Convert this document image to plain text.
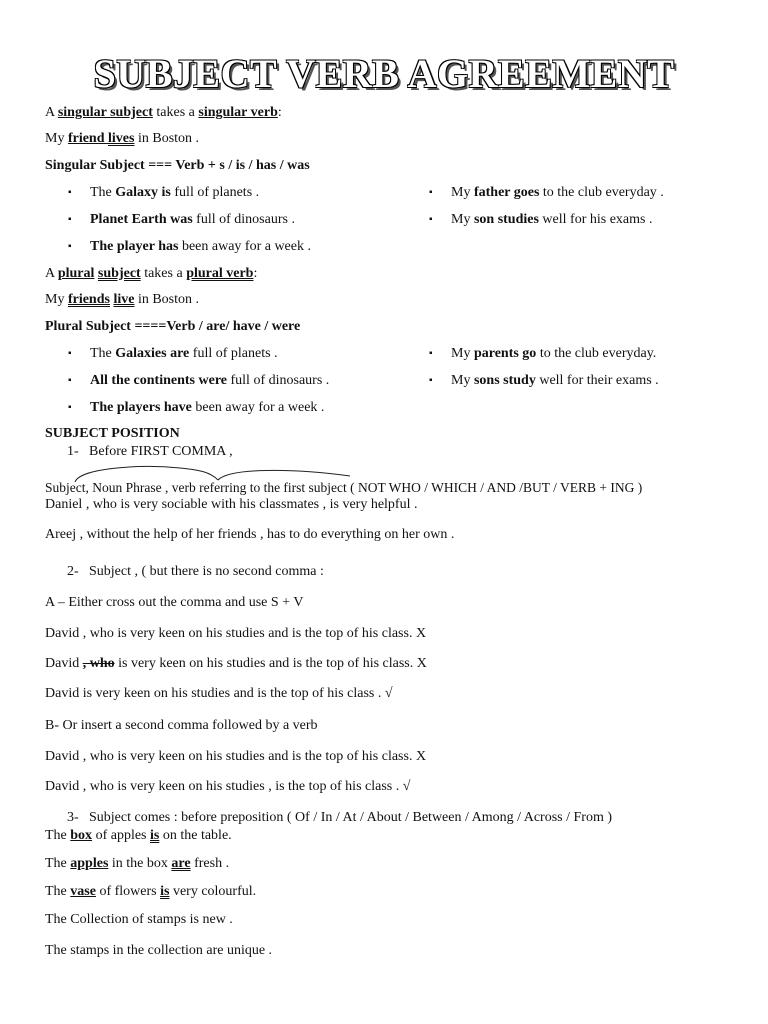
SUBJECT VERB AGREEMENT
A singular subject takes a singular verb:
My friend lives in Boston .
Singular Subject === Verb + s / is / has / was
▪ The Galaxy is full of planets .
▪ Planet Earth was full of dinosaurs .
▪ The player has been away for a week .
▪ My father goes to the club everyday .
▪ My son studies well for his exams .
A plural subject takes a plural verb:
My friends live in Boston .
Plural Subject ====Verb / are/ have / were
▪ The Galaxies are full of planets .
▪ All the continents were full of dinosaurs .
▪ The players have been away for a week .
▪ My parents go to the club everyday.
▪ My sons study well for their exams .
SUBJECT POSITION
1- Before FIRST COMMA ,
Subject, Noun Phrase , verb referring to the first subject ( NOT WHO / WHICH / AND /BUT / VERB + ING )
Daniel , who is very sociable with his classmates , is very helpful .
Areej , without the help of her friends , has to do everything on her own .
2- Subject , ( but there is no second comma :
A – Either cross out the comma and use S + V
David , who is very keen on his studies and is the top of his class. X
David , who is very keen on his studies and is the top of his class. X
David is very keen on his studies and is the top of his class . √
B- Or insert a second comma followed by a verb
David , who is very keen on his studies and is the top of his class. X
David , who is very keen on his studies , is the top of his class . √
3- Subject comes : before preposition ( Of / In / At / About / Between / Among / Across / From )
The box of apples is on the table.
The apples in the box are fresh .
The vase of flowers is very colourful.
The Collection of stamps is new .
The stamps in the collection are unique .
